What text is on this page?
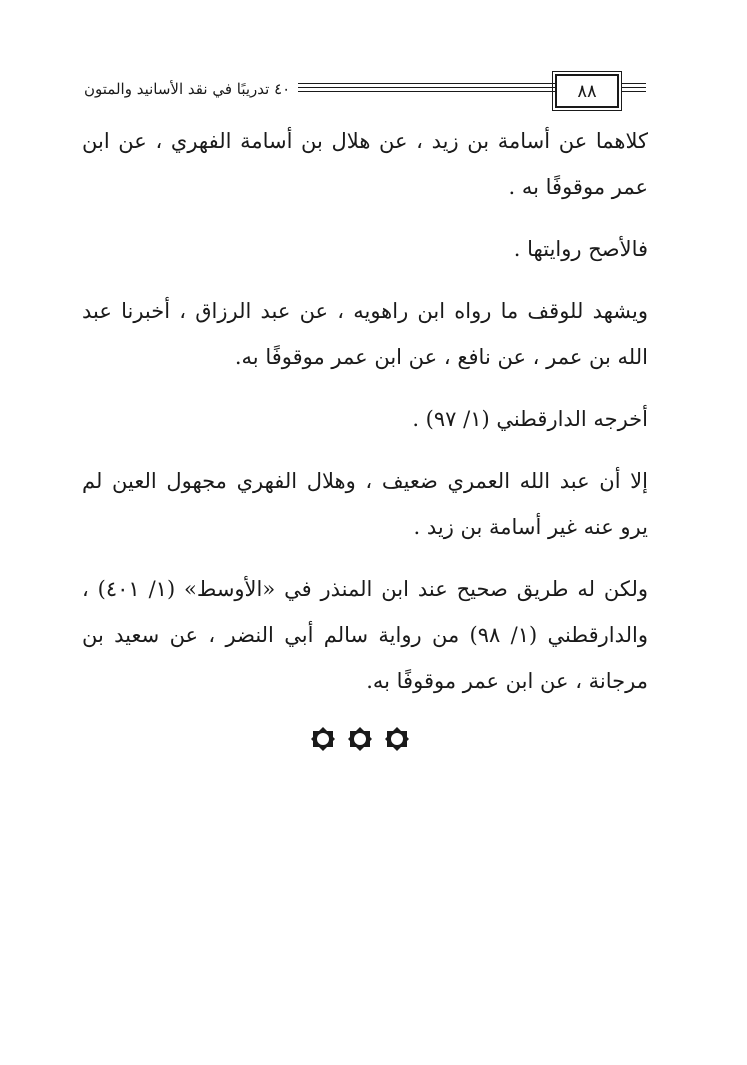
٤٠ تدريبًا في نقد الأسانيد والمتون	٨٨

كلاهما عن أسامة بن زيد ، عن هلال بن أسامة الفهري ، عن ابن عمر موقوفًا به .

فالأصح روايتها .

ويشهد للوقف ما رواه ابن راهويه ، عن عبد الرزاق ، أخبرنا عبد الله بن عمر ، عن نافع ، عن ابن عمر موقوفًا به.

أخرجه الدارقطني (١/ ٩٧) .

إلا أن عبد الله العمري ضعيف ، وهلال الفهري مجهول العين لم يرو عنه غير أسامة بن زيد .

ولكن له طريق صحيح عند ابن المنذر في «الأوسط» (١/ ٤٠١) ، والدارقطني (١/ ٩٨) من رواية سالم أبي النضر ، عن سعيد بن مرجانة ، عن ابن عمر موقوفًا به.
